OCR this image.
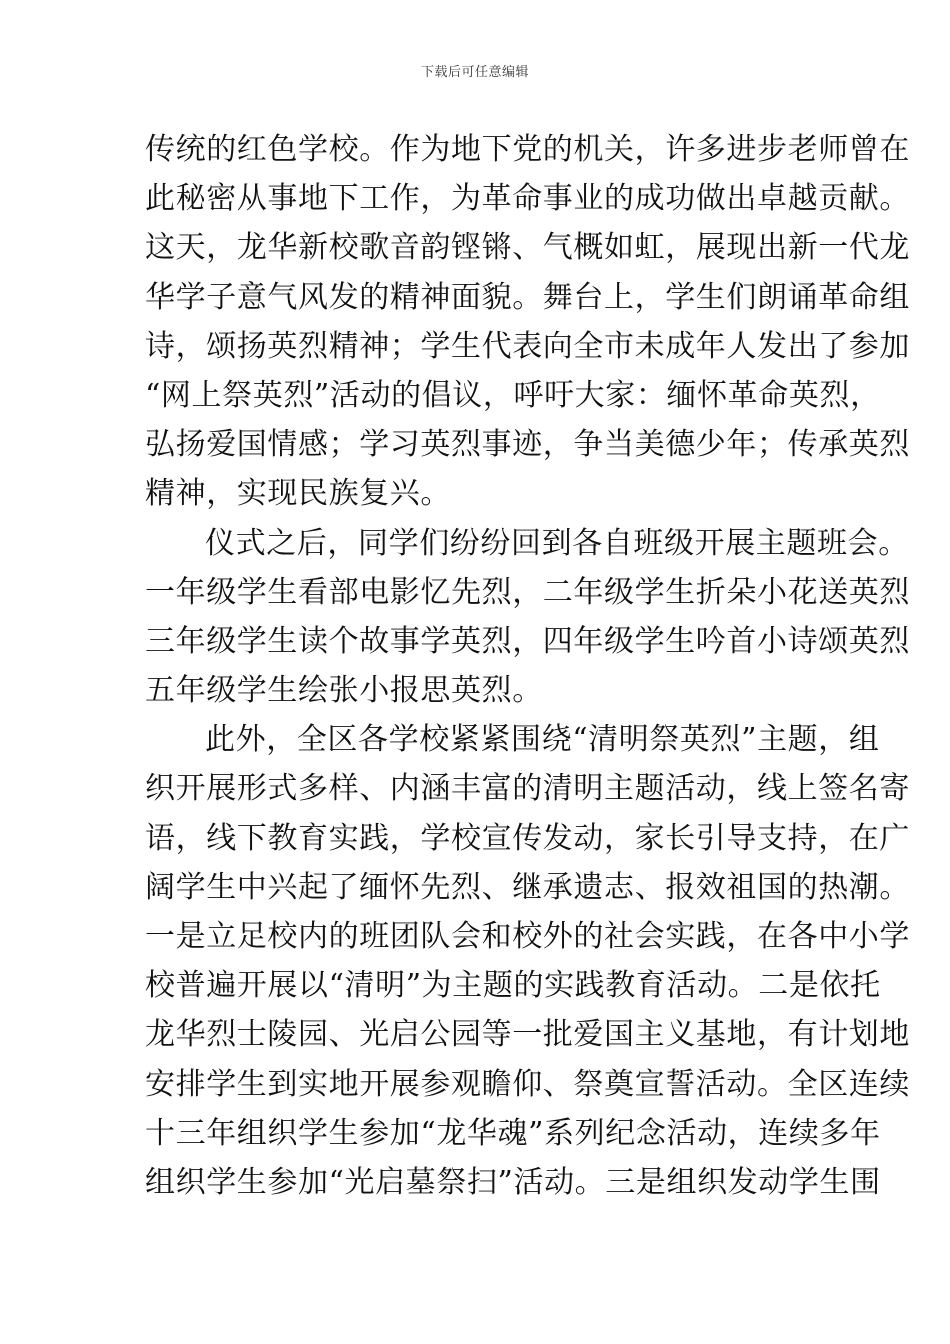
下载后可任意编辑
传统的红色学校。作为地下党的机关，许多进步老师曾在
此秘密从事地下工作，为革命事业的成功做出卓越贡献。
这天，龙华新校歌音韵铿锵、气概如虹，展现出新一代龙
华学子意气风发的精神面貌。舞台上，学生们朗诵革命组
诗，颂扬英烈精神；学生代表向全市未成年人发出了参加
“网上祭英烈”活动的倡议，呼吁大家：缅怀革命英烈，
弘扬爱国情感；学习英烈事迹，争当美德少年；传承英烈
精神，实现民族复兴。
仪式之后，同学们纷纷回到各自班级开展主题班会。
一年级学生看部电影忆先烈，二年级学生折朵小花送英烈
三年级学生读个故事学英烈，四年级学生吟首小诗颂英烈
五年级学生绘张小报思英烈。
此外，全区各学校紧紧围绕“清明祭英烈”主题，组
织开展形式多样、内涵丰富的清明主题活动，线上签名寄
语，线下教育实践，学校宣传发动，家长引导支持，在广
阔学生中兴起了缅怀先烈、继承遗志、报效祖国的热潮。
一是立足校内的班团队会和校外的社会实践，在各中小学
校普遍开展以“清明”为主题的实践教育活动。二是依托
龙华烈士陵园、光启公园等一批爱国主义基地，有计划地
安排学生到实地开展参观瞻仰、祭奠宣誓活动。全区连续
十三年组织学生参加“龙华魂”系列纪念活动，连续多年
组织学生参加“光启墓祭扫”活动。三是组织发动学生围
